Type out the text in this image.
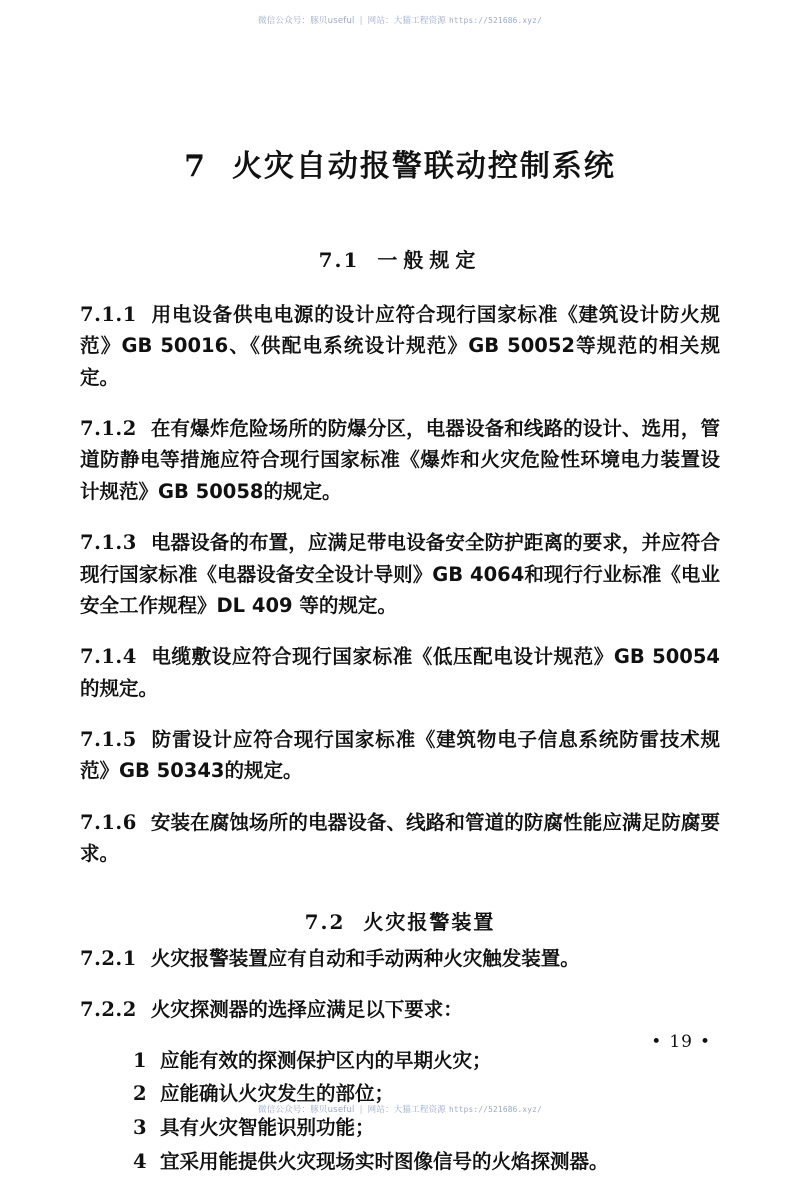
微信公众号：豚贝useful | 网站：大猫工程资源 https://521686.xyz/
7 火灾自动报警联动控制系统
7.1 一般规定

7.1.1 用电设备供电电源的设计应符合现行国家标准《建筑设计防火规范》GB 50016、《供配电系统设计规范》GB 50052等规范的相关规定。

7.1.2 在有爆炸危险场所的防爆分区，电器设备和线路的设计、选用，管道防静电等措施应符合现行国家标准《爆炸和火灾危险性环境电力装置设计规范》GB 50058的规定。

7.1.3 电器设备的布置，应满足带电设备安全防护距离的要求，并应符合现行国家标准《电器设备安全设计导则》GB 4064和现行行业标准《电业安全工作规程》DL 409 等的规定。

7.1.4 电缆敷设应符合现行国家标准《低压配电设计规范》GB 50054的规定。

7.1.5 防雷设计应符合现行国家标准《建筑物电子信息系统防雷技术规范》GB 50343的规定。

7.1.6 安装在腐蚀场所的电器设备、线路和管道的防腐性能应满足防腐要求。

7.2 火灾报警装置

7.2.1 火灾报警装置应有自动和手动两种火灾触发装置。

7.2.2 火灾探测器的选择应满足以下要求：

1 应能有效的探测保护区内的早期火灾；
2 应能确认火灾发生的部位；
3 具有火灾智能识别功能；
4 宜采用能提供火灾现场实时图像信号的火焰探测器。
• 19 •
微信公众号：豚贝useful | 网站：大猫工程资源 https://521686.xyz/
